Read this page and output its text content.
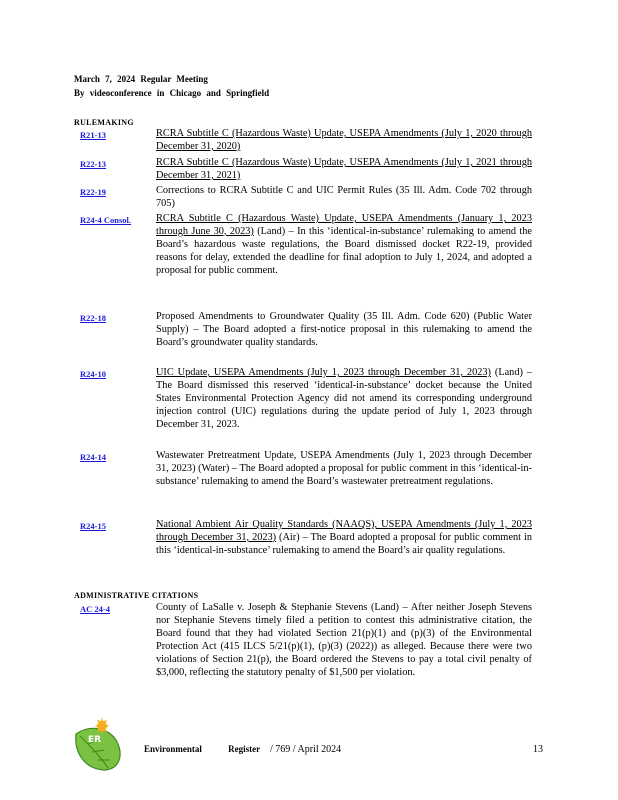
March 7, 2024 Regular Meeting
By videoconference in Chicago and Springfield
RULEMAKING
R21-13	RCRA Subtitle C (Hazardous Waste) Update, USEPA Amendments (July 1, 2020 through December 31, 2020)
R22-13	RCRA Subtitle C (Hazardous Waste) Update, USEPA Amendments (July 1, 2021 through December 31, 2021)
R22-19	Corrections to RCRA Subtitle C and UIC Permit Rules (35 Ill. Adm. Code 702 through 705)
R24-4 Consol.	RCRA Subtitle C (Hazardous Waste) Update, USEPA Amendments (January 1, 2023 through June 30, 2023) (Land) – In this ‘identical-in-substance’ rulemaking to amend the Board’s hazardous waste regulations, the Board dismissed docket R22-19, provided reasons for delay, extended the deadline for final adoption to July 1, 2024, and adopted a proposal for public comment.
R22-18	Proposed Amendments to Groundwater Quality (35 Ill. Adm. Code 620) (Public Water Supply) – The Board adopted a first-notice proposal in this rulemaking to amend the Board’s groundwater quality standards.
R24-10	UIC Update, USEPA Amendments (July 1, 2023 through December 31, 2023) (Land) – The Board dismissed this reserved ‘identical-in-substance’ docket because the United States Environmental Protection Agency did not amend its corresponding underground injection control (UIC) regulations during the update period of July 1, 2023 through December 31, 2023.
R24-14	Wastewater Pretreatment Update, USEPA Amendments (July 1, 2023 through December 31, 2023) (Water) – The Board adopted a proposal for public comment in this ‘identical-in-substance’ rulemaking to amend the Board’s wastewater pretreatment regulations.
R24-15	National Ambient Air Quality Standards (NAAQS), USEPA Amendments (July 1, 2023 through December 31, 2023) (Air) – The Board adopted a proposal for public comment in this ‘identical-in-substance’ rulemaking to amend the Board’s air quality regulations.
ADMINISTRATIVE CITATIONS
AC 24-4	County of LaSalle v. Joseph & Stephanie Stevens (Land) – After neither Joseph Stevens nor Stephanie Stevens timely filed a petition to contest this administrative citation, the Board found that they had violated Section 21(p)(1) and (p)(3) of the Environmental Protection Act (415 ILCS 5/21(p)(1), (p)(3) (2022)) as alleged. Because there were two violations of Section 21(p), the Board ordered the Stevens to pay a total civil penalty of $3,000, reflecting the statutory penalty of $1,500 per violation.
ER
Environmental Register / 769 / April 2024	13
